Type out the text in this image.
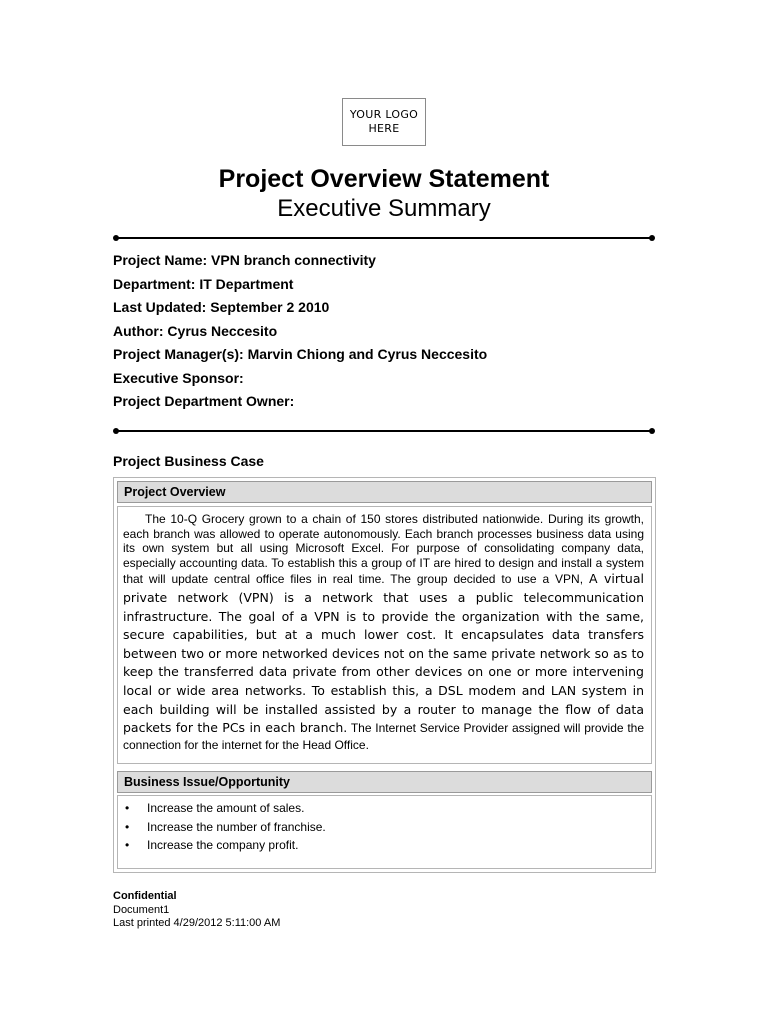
YOUR LOGO
HERE
Project Overview Statement
Executive Summary
Project Name: VPN branch connectivity
Department: IT Department
Last Updated: September 2 2010
Author: Cyrus Neccesito
Project Manager(s): Marvin Chiong and Cyrus Neccesito
Executive Sponsor:
Project Department Owner:
Project Business Case
Project Overview
The 10-Q Grocery grown to a chain of 150 stores distributed nationwide. During its growth, each branch was allowed to operate autonomously. Each branch processes business data using its own system but all using Microsoft Excel. For purpose of consolidating company data, especially accounting data. To establish this a group of IT are hired to design and install a system that will update central office files in real time. The group decided to use a VPN, A virtual private network (VPN) is a network that uses a public telecommunication infrastructure. The goal of a VPN is to provide the organization with the same, secure capabilities, but at a much lower cost. It encapsulates data transfers between two or more networked devices not on the same private network so as to keep the transferred data private from other devices on one or more intervening local or wide area networks. To establish this, a DSL modem and LAN system in each building will be installed assisted by a router to manage the flow of data packets for the PCs in each branch. The Internet Service Provider assigned will provide the connection for the internet for the Head Office.
Business Issue/Opportunity
• Increase the amount of sales.
• Increase the number of franchise.
• Increase the company profit.
Confidential
Document1
Last printed 4/29/2012 5:11:00 AM
